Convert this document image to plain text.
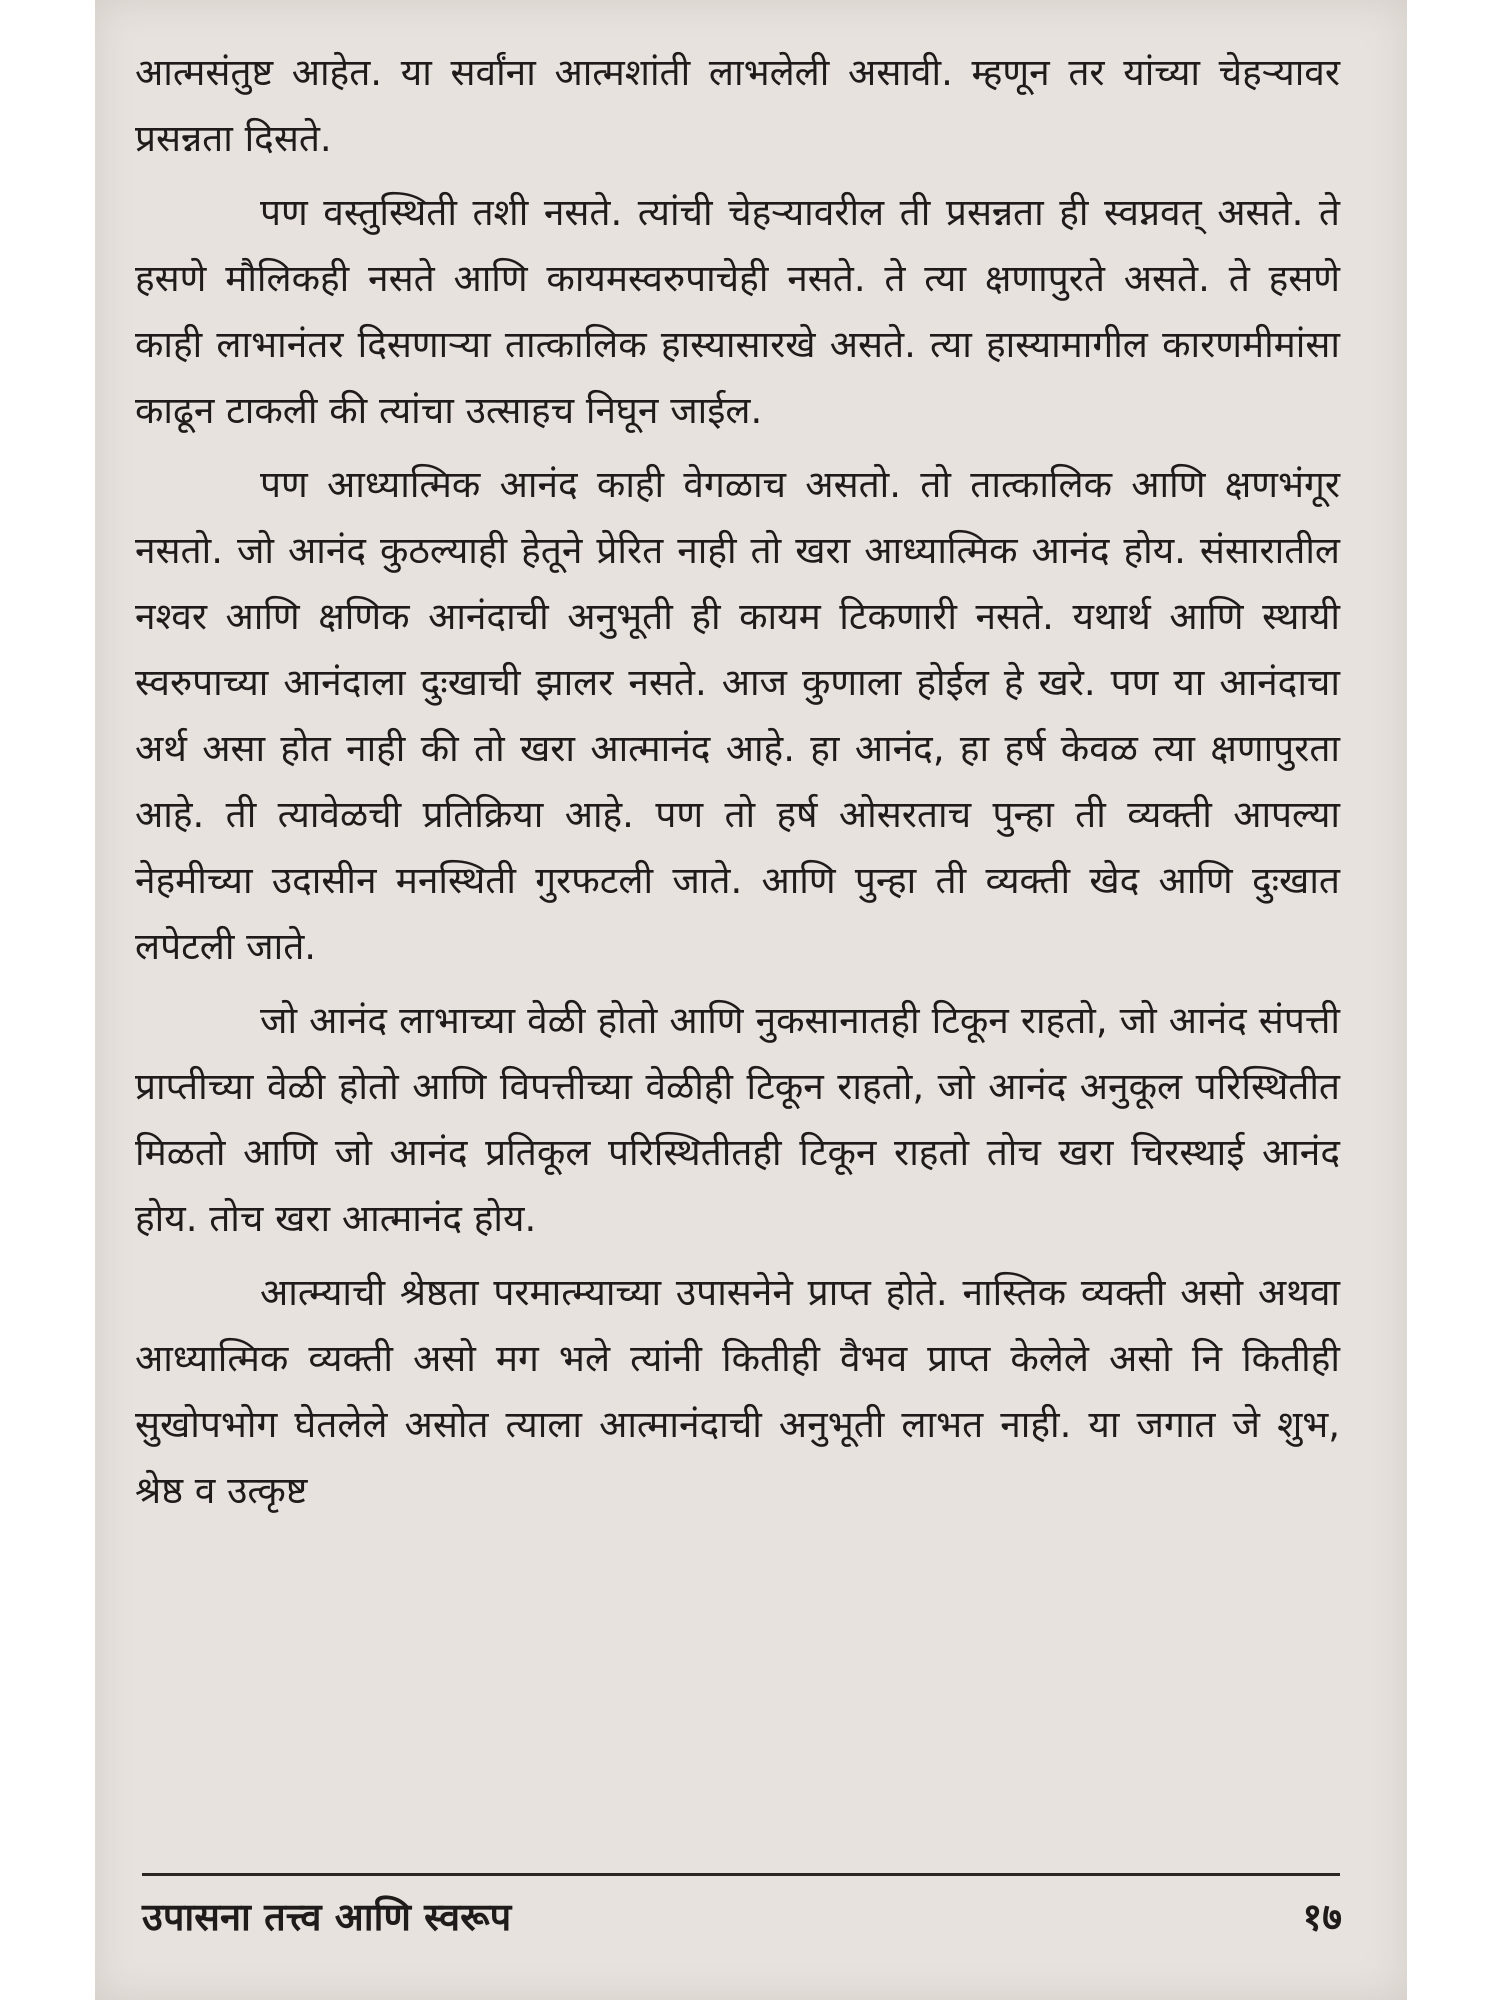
आत्मसंतुष्ट आहेत. या सर्वांना आत्मशांती लाभलेली असावी. म्हणून तर यांच्या चेहऱ्यावर प्रसन्नता दिसते.

पण वस्तुस्थिती तशी नसते. त्यांची चेहऱ्यावरील ती प्रसन्नता ही स्वप्नवत् असते. ते हसणे मौलिकही नसते आणि कायमस्वरुपाचेही नसते. ते त्या क्षणापुरते असते. ते हसणे काही लाभानंतर दिसणाऱ्या तात्कालिक हास्यासारखे असते. त्या हास्यामागील कारणमीमांसा काढून टाकली की त्यांचा उत्साहच निघून जाईल.

पण आध्यात्मिक आनंद काही वेगळाच असतो. तो तात्कालिक आणि क्षणभंगूर नसतो. जो आनंद कुठल्याही हेतूने प्रेरित नाही तो खरा आध्यात्मिक आनंद होय. संसारातील नश्वर आणि क्षणिक आनंदाची अनुभूती ही कायम टिकणारी नसते. यथार्थ आणि स्थायी स्वरुपाच्या आनंदाला दुःखाची झालर नसते. आज कुणाला होईल हे खरे. पण या आनंदाचा अर्थ असा होत नाही की तो खरा आत्मानंद आहे. हा आनंद, हा हर्ष केवळ त्या क्षणापुरता आहे. ती त्यावेळची प्रतिक्रिया आहे. पण तो हर्ष ओसरताच पुन्हा ती व्यक्ती आपल्या नेहमीच्या उदासीन मनस्थिती गुरफटली जाते. आणि पुन्हा ती व्यक्ती खेद आणि दुःखात लपेटली जाते.

जो आनंद लाभाच्या वेळी होतो आणि नुकसानातही टिकून राहतो, जो आनंद संपत्ती प्राप्तीच्या वेळी होतो आणि विपत्तीच्या वेळीही टिकून राहतो, जो आनंद अनुकूल परिस्थितीत मिळतो आणि जो आनंद प्रतिकूल परिस्थितीतही टिकून राहतो तोच खरा चिरस्थाई आनंद होय. तोच खरा आत्मानंद होय.

आत्म्याची श्रेष्ठता परमात्म्याच्या उपासनेने प्राप्त होते. नास्तिक व्यक्ती असो अथवा आध्यात्मिक व्यक्ती असो मग भले त्यांनी कितीही वैभव प्राप्त केलेले असो नि कितीही सुखोपभोग घेतलेले असोत त्याला आत्मानंदाची अनुभूती लाभत नाही. या जगात जे शुभ, श्रेष्ठ व उत्कृष्ट

उपासना तत्त्व आणि स्वरूप	१७
